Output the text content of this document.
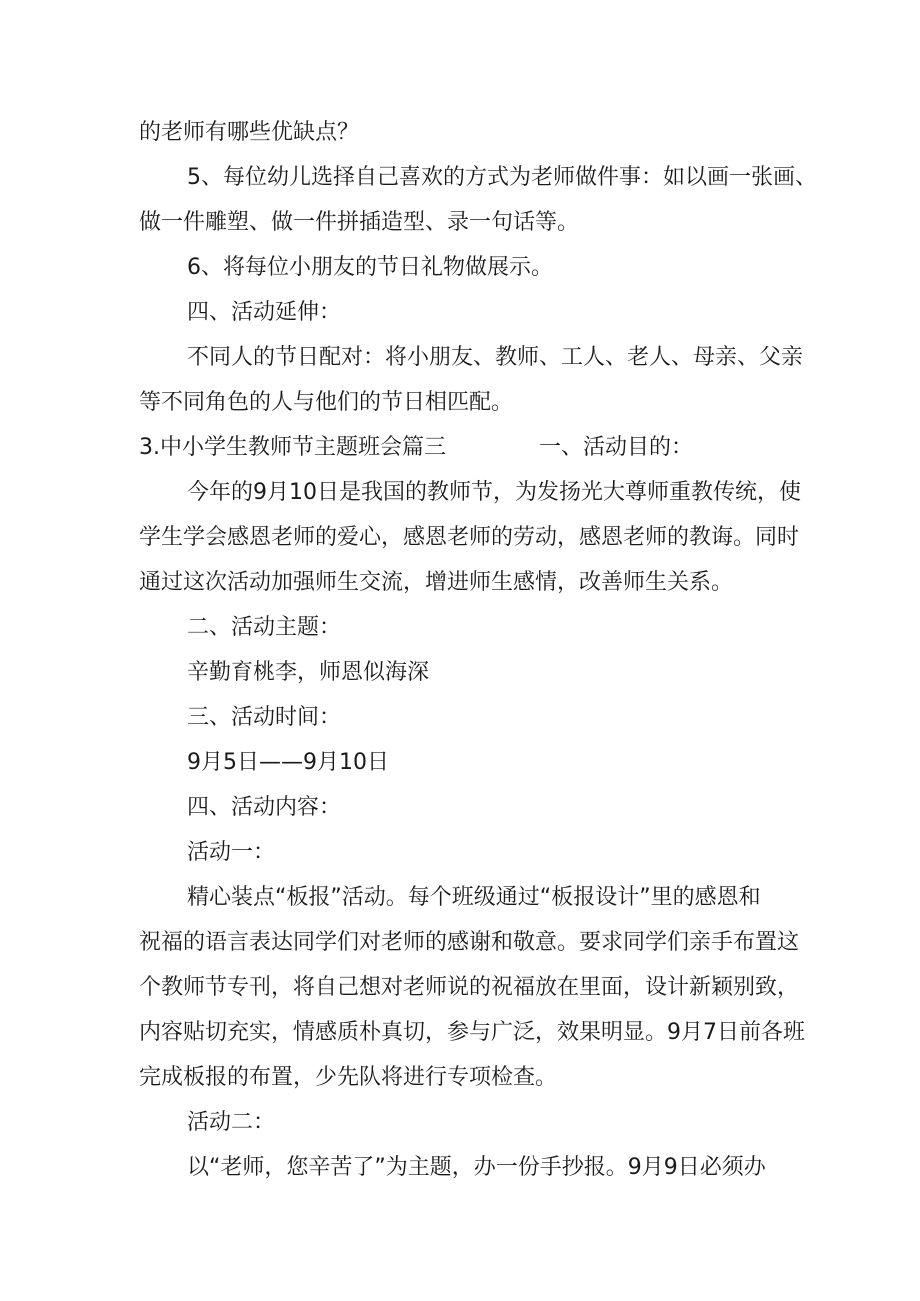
的老师有哪些优缺点？
5、每位幼儿选择自己喜欢的方式为老师做件事：如以画一张画、
做一件雕塑、做一件拼插造型、录一句话等。
6、将每位小朋友的节日礼物做展示。
四、活动延伸：
不同人的节日配对：将小朋友、教师、工人、老人、母亲、父亲
等不同角色的人与他们的节日相匹配。
3.中小学生教师节主题班会篇三	一、活动目的：
今年的9月10日是我国的教师节，为发扬光大尊师重教传统，使
学生学会感恩老师的爱心，感恩老师的劳动，感恩老师的教诲。同时
通过这次活动加强师生交流，增进师生感情，改善师生关系。
二、活动主题：
辛勤育桃李，师恩似海深
三、活动时间：
9月5日——9月10日
四、活动内容：
活动一：
精心装点“板报”活动。每个班级通过“板报设计”里的感恩和
祝福的语言表达同学们对老师的感谢和敬意。要求同学们亲手布置这
个教师节专刊，将自己想对老师说的祝福放在里面，设计新颖别致，
内容贴切充实，情感质朴真切，参与广泛，效果明显。9月7日前各班
完成板报的布置，少先队将进行专项检查。
活动二：
以“老师，您辛苦了”为主题，办一份手抄报。9月9日必须办
